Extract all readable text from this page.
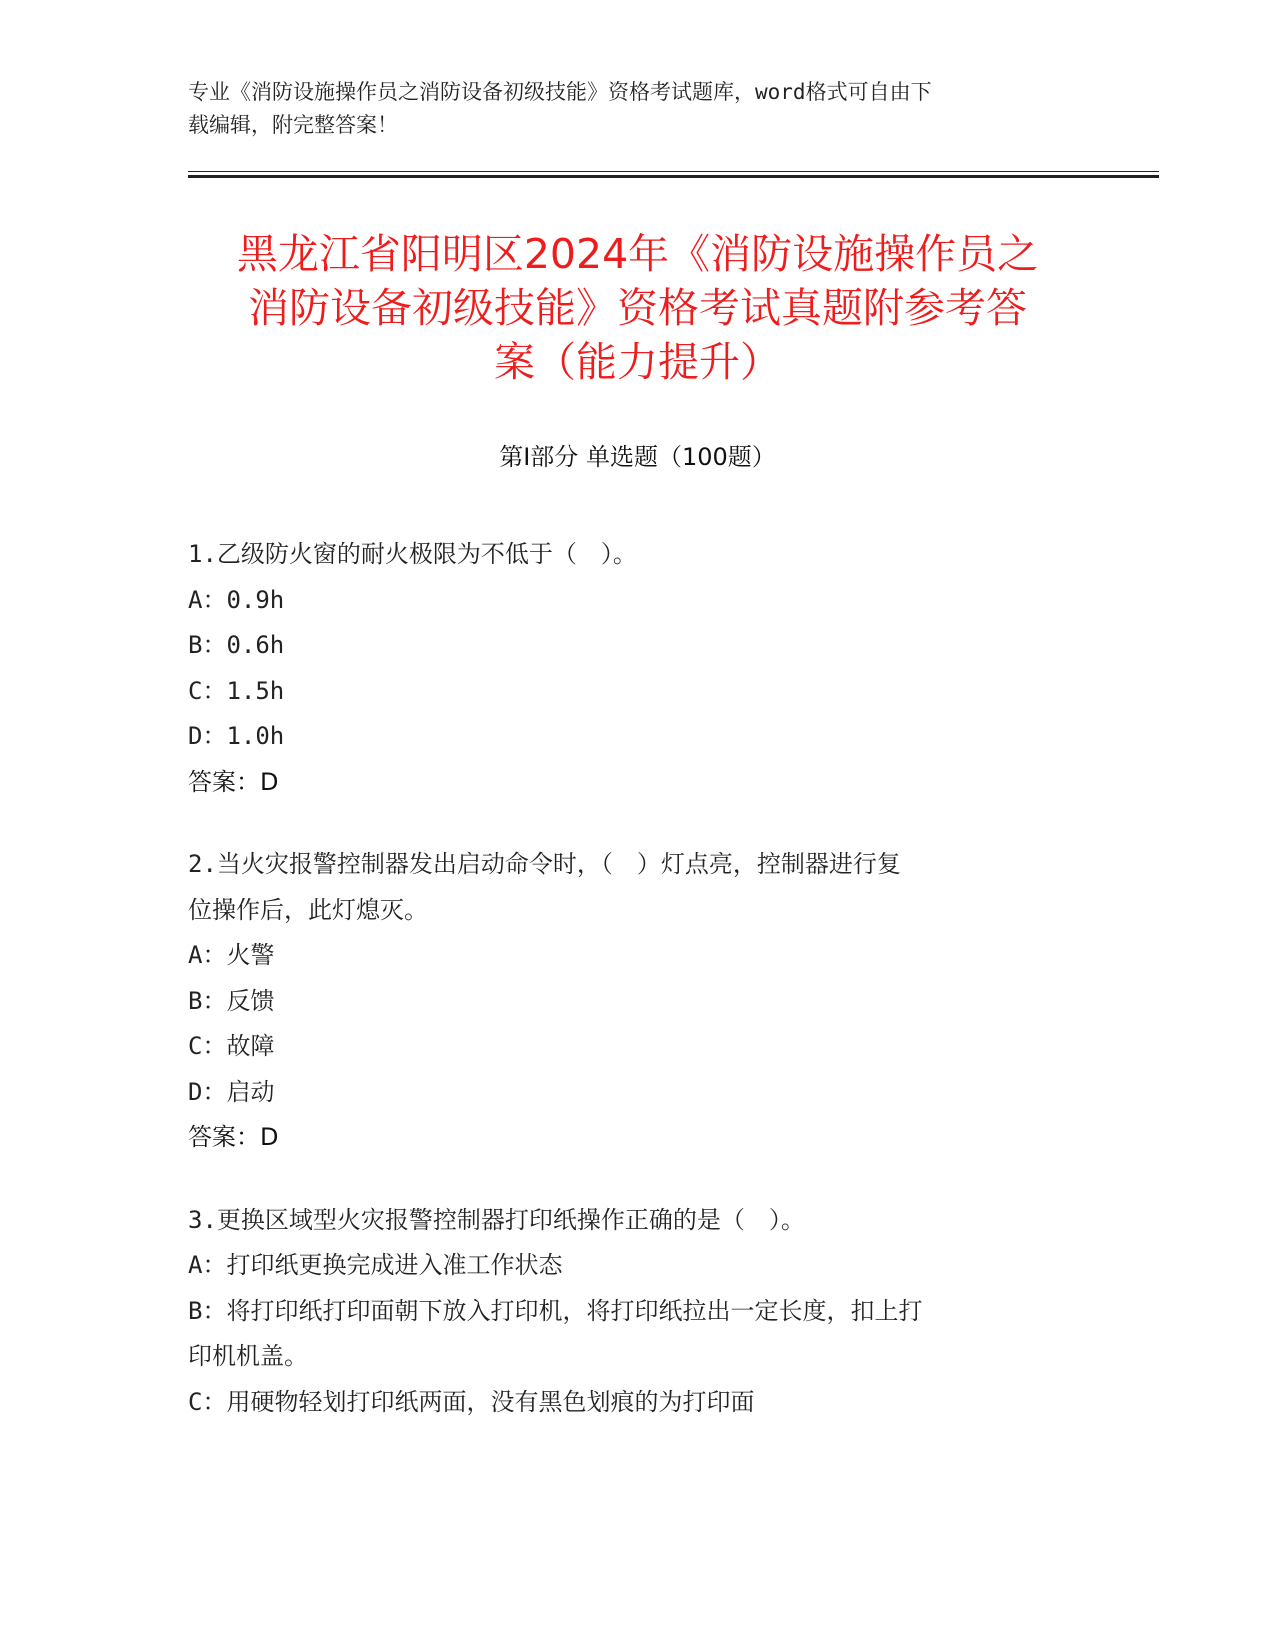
专业《消防设施操作员之消防设备初级技能》资格考试题库，word格式可自由下
载编辑，附完整答案！
黑龙江省阳明区2024年《消防设施操作员之
消防设备初级技能》资格考试真题附参考答
案（能力提升）
第Ⅰ部分 单选题（100题）
1.乙级防火窗的耐火极限为不低于（　）。
A：0.9h
B：0.6h
C：1.5h
D：1.0h
答案：D
2.当火灾报警控制器发出启动命令时，（　）灯点亮，控制器进行复
位操作后，此灯熄灭。
A：火警
B：反馈
C：故障
D：启动
答案：D
3.更换区域型火灾报警控制器打印纸操作正确的是（　）。
A：打印纸更换完成进入准工作状态
B：将打印纸打印面朝下放入打印机，将打印纸拉出一定长度，扣上打
印机机盖。
C：用硬物轻划打印纸两面，没有黑色划痕的为打印面
